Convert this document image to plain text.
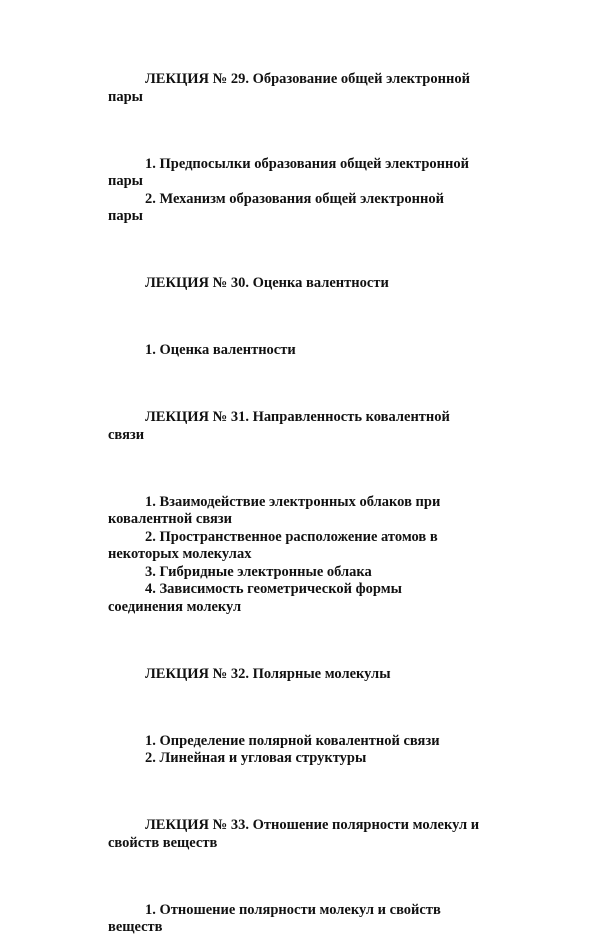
ЛЕКЦИЯ № 29. Образование общей электронной

пары

1. Предпосылки образования общей электронной

пары

2. Механизм образования общей электронной

пары

ЛЕКЦИЯ № 30. Оценка валентности

1. Оценка валентности

ЛЕКЦИЯ № 31. Направленность ковалентной

связи

1. Взаимодействие электронных облаков при

ковалентной связи

2. Пространственное расположение атомов в

некоторых молекулах

3. Гибридные электронные облака

4. Зависимость геометрической формы

соединения молекул

ЛЕКЦИЯ № 32. Полярные молекулы

1. Определение полярной ковалентной связи

2. Линейная и угловая структуры

ЛЕКЦИЯ № 33. Отношение полярности молекул и

свойств веществ

1. Отношение полярности молекул и свойств

веществ
